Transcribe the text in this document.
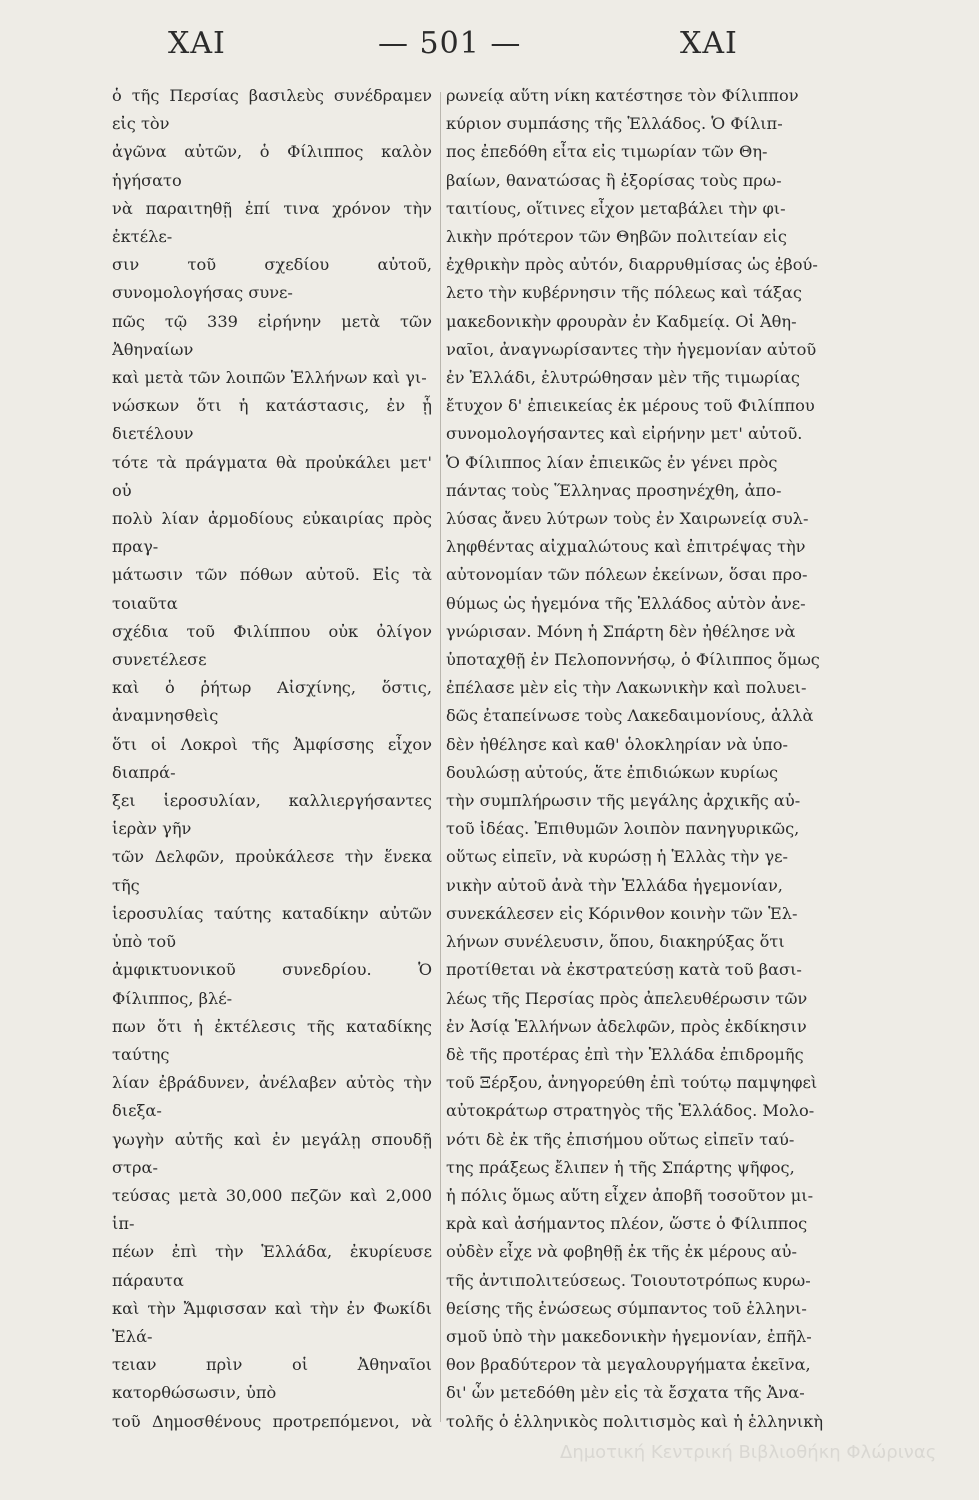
ΧΑΙ	— 501 —	ΧΑΙ
ὁ τῆς Περσίας βασιλεὺς συνέδραμεν εἰς τὸν
ἀγῶνα αὐτῶν, ὁ Φίλιππος καλὸν ἡγήσατο
νὰ παραιτηθῇ ἐπί τινα χρόνον τὴν ἐκτέλε-
σιν τοῦ σχεδίου αὐτοῦ, συνομολογήσας συνε-
πῶς τῷ 339 εἰρήνην μετὰ τῶν Ἀθηναίων
καὶ μετὰ τῶν λοιπῶν Ἑλλήνων καὶ γι-
νώσκων ὅτι ἡ κατάστασις, ἐν ᾗ διετέλουν
τότε τὰ πράγματα θὰ προὐκάλει μετ' οὐ
πολὺ λίαν ἁρμοδίους εὐκαιρίας πρὸς πραγ-
μάτωσιν τῶν πόθων αὐτοῦ. Εἰς τὰ τοιαῦτα
σχέδια τοῦ Φιλίππου οὐκ ὀλίγον συνετέλεσε
καὶ ὁ ῥήτωρ Αἰσχίνης, ὅστις, ἀναμνησθεὶς
ὅτι οἱ Λοκροὶ τῆς Ἀμφίσσης εἶχον διαπρά-
ξει ἱεροσυλίαν, καλλιεργήσαντες ἱερὰν γῆν
τῶν Δελφῶν, προὐκάλεσε τὴν ἕνεκα τῆς
ἱεροσυλίας ταύτης καταδίκην αὐτῶν ὑπὸ τοῦ
ἀμφικτυονικοῦ συνεδρίου. Ὁ Φίλιππος, βλέ-
πων ὅτι ἡ ἐκτέλεσις τῆς καταδίκης ταύτης
λίαν ἐβράδυνεν, ἀνέλαβεν αὐτὸς τὴν διεξα-
γωγὴν αὐτῆς καὶ ἐν μεγάλῃ σπουδῇ στρα-
τεύσας μετὰ 30,000 πεζῶν καὶ 2,000 ἱπ-
πέων ἐπὶ τὴν Ἑλλάδα, ἐκυρίευσε πάραυτα
καὶ τὴν Ἄμφισσαν καὶ τὴν ἐν Φωκίδι Ἐλά-
τειαν πρὶν οἱ Ἀθηναῖοι κατορθώσωσιν, ὑπὸ
τοῦ Δημοσθένους προτρεπόμενοι, νὰ

ρωνείᾳ αὕτη νίκη κατέστησε τὸν Φίλιππον
κύριον συμπάσης τῆς Ἑλλάδος. Ὁ Φίλιπ-
πος ἐπεδόθη εἶτα εἰς τιμωρίαν τῶν Θη-
βαίων, θανατώσας ἢ ἐξορίσας τοὺς πρω-
ταιτίους, οἵτινες εἶχον μεταβάλει τὴν φι-
λικὴν πρότερον τῶν Θηβῶν πολιτείαν εἰς
ἐχθρικὴν πρὸς αὐτόν, διαρρυθμίσας ὡς ἐβού-
λετο τὴν κυβέρνησιν τῆς πόλεως καὶ τάξας
μακεδονικὴν φρουρὰν ἐν Καδμείᾳ. Οἱ Ἀθη-
ναῖοι, ἀναγνωρίσαντες τὴν ἡγεμονίαν αὐτοῦ
ἐν Ἑλλάδι, ἐλυτρώθησαν μὲν τῆς τιμωρίας
ἔτυχον δ' ἐπιεικείας ἐκ μέρους τοῦ Φιλίππου
συνομολογήσαντες καὶ εἰρήνην μετ' αὐτοῦ.
Ὁ Φίλιππος λίαν ἐπιεικῶς ἐν γένει πρὸς
πάντας τοὺς Ἕλληνας προσηνέχθη, ἀπο-
λύσας ἄνευ λύτρων τοὺς ἐν Χαιρωνείᾳ συλ-
ληφθέντας αἰχμαλώτους καὶ ἐπιτρέψας τὴν
αὐτονομίαν τῶν πόλεων ἐκείνων, ὅσαι προ-
θύμως ὡς ἡγεμόνα τῆς Ἑλλάδος αὐτὸν ἀνε-
γνώρισαν. Μόνη ἡ Σπάρτη δὲν ἠθέλησε νὰ
ὑποταχθῇ ἐν Πελοποννήσῳ, ὁ Φίλιππος ὅμως
ἐπέλασε μὲν εἰς τὴν Λακωνικὴν καὶ πολυει-
δῶς ἐταπείνωσε τοὺς Λακεδαιμονίους, ἀλλὰ
δὲν ἠθέλησε καὶ καθ' ὁλοκληρίαν νὰ ὑπο-
δουλώσῃ αὐτούς, ἅτε ἐπιδιώκων κυρίως
τὴν συμπλήρωσιν τῆς μεγάλης ἀρχικῆς αὐ-
τοῦ ἰδέας. Ἐπιθυμῶν λοιπὸν πανηγυρικῶς,
οὕτως εἰπεῖν, νὰ κυρώσῃ ἡ Ἑλλὰς τὴν γε-
νικὴν αὐτοῦ ἀνὰ τὴν Ἑλλάδα ἡγεμονίαν,
συνεκάλεσεν εἰς Κόρινθον κοινὴν τῶν Ἑλ-
λήνων συνέλευσιν, ὅπου, διακηρύξας ὅτι
προτίθεται νὰ ἐκστρατεύσῃ κατὰ τοῦ βασι-
λέως τῆς Περσίας πρὸς ἀπελευθέρωσιν τῶν
ἐν Ἀσίᾳ Ἑλλήνων ἀδελφῶν, πρὸς ἐκδίκησιν
δὲ τῆς προτέρας ἐπὶ τὴν Ἑλλάδα ἐπιδρομῆς
τοῦ Ξέρξου, ἀνηγορεύθη ἐπὶ τούτῳ παμψηφεὶ
αὐτοκράτωρ στρατηγὸς τῆς Ἑλλάδος. Μολο-
νότι δὲ ἐκ τῆς ἐπισήμου οὕτως εἰπεῖν ταύ-
της πράξεως ἔλιπεν ἡ τῆς Σπάρτης ψῆφος,
ἡ πόλις ὅμως αὕτη εἶχεν ἀποβῆ τοσοῦτον μι-
κρὰ καὶ ἀσήμαντος πλέον, ὥστε ὁ Φίλιππος
οὐδὲν εἶχε νὰ φοβηθῇ ἐκ τῆς ἐκ μέρους αὐ-
τῆς ἀντιπολιτεύσεως. Τοιουτοτρόπως κυρω-
θείσης τῆς ἑνώσεως σύμπαντος τοῦ ἑλληνι-
σμοῦ ὑπὸ τὴν μακεδονικὴν ἡγεμονίαν, ἐπῆλ-
θον βραδύτερον τὰ μεγαλουργήματα ἐκεῖνα,
δι' ὧν μετεδόθη μὲν εἰς τὰ ἔσχατα τῆς Ἀνα-
τολῆς ὁ ἑλληνικὸς πολιτισμὸς καὶ ἡ ἑλληνικὴ

Δημοτική Κεντρική Βιβλιοθήκη Φλώρινας
